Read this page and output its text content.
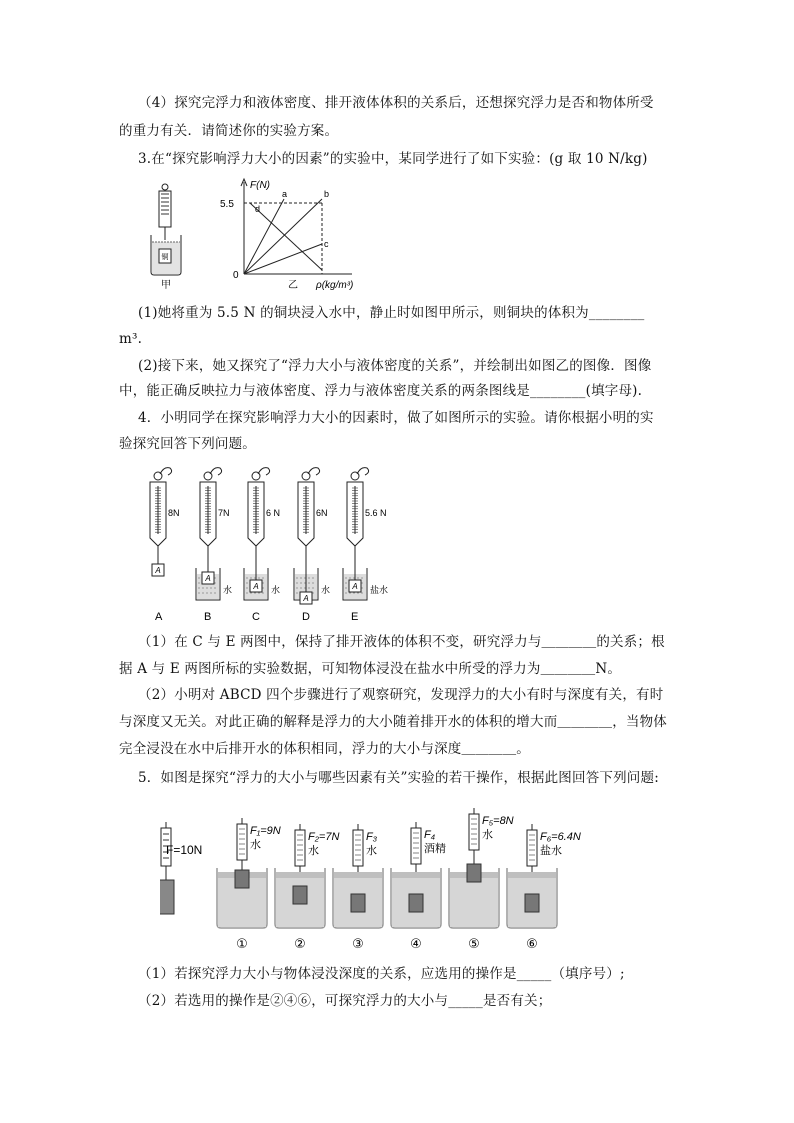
（4）探究完浮力和液体密度、排开液体体积的关系后，还想探究浮力是否和物体所受
的重力有关．请简述你的实验方案。
3.在“探究影响浮力大小的因素”的实验中，某同学进行了如下实验：(g 取 10 N/kg)
铜
甲
F(N)
5.5
0
ρ(kg/m³)
乙
a	b
c
d
(1)她将重为 5.5 N 的铜块浸入水中，静止时如图甲所示，则铜块的体积为________
m³.
(2)接下来，她又探究了“浮力大小与液体密度的关系”，并绘制出如图乙的图像．图像
中，能正确反映拉力与液体密度、浮力与液体密度关系的两条图线是________(填字母).
4．小明同学在探究影响浮力大小的因素时，做了如图所示的实验。请你根据小明的实
验探究回答下列问题。
8N
A
A
7N
水
A
B
6 N
水
A
C
6N
水
A
D
5.6 N
盐水
A
E
（1）在 C 与 E 两图中，保持了排开液体的体积不变，研究浮力与＿＿＿＿的关系；根
据 A 与 E 两图所标的实验数据，可知物体浸没在盐水中所受的浮力为＿＿＿＿N。
（2）小明对 ABCD 四个步骤进行了观察研究，发现浮力的大小有时与深度有关，有时
与深度又无关。对此正确的解释是浮力的大小随着排开水的体积的增大而＿＿＿＿，当物体
完全浸没在水中后排开水的体积相同，浮力的大小与深度＿＿＿＿。
5．如图是探究“浮力的大小与哪些因素有关”实验的若干操作，根据此图回答下列问题:
F=10N
F₁=9N
水
①
F₂=7N
水
②
F₃
水
③
F₄
酒精
④
F₅=8N
水
⑤
F₆=6.4N
盐水
⑥
（1）若探究浮力大小与物体浸没深度的关系，应选用的操作是_____（填序号）;
（2）若选用的操作是②④⑥，可探究浮力的大小与_____是否有关；
